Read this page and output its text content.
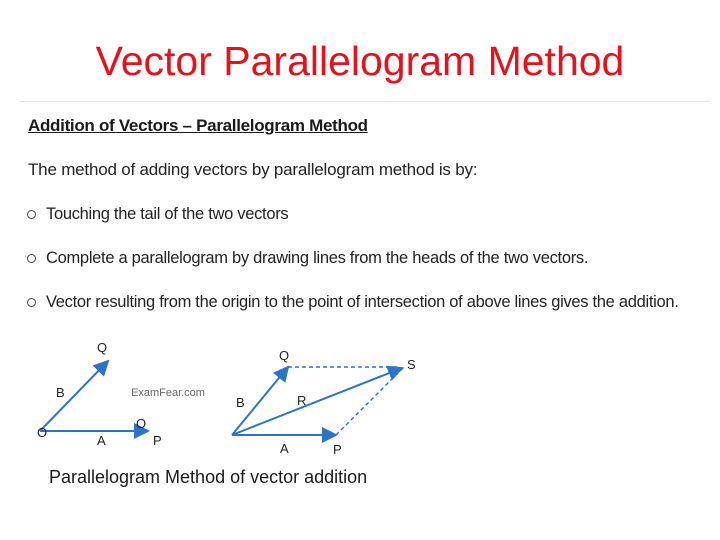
Vector Parallelogram Method
Addition of Vectors – Parallelogram Method
The method of adding vectors by parallelogram method is by:
Touching the tail of the two vectors
Complete a parallelogram by drawing lines from the heads of the two vectors.
Vector resulting from the origin to the point of intersection of above lines gives the addition.
Q
B
O
A
O
P
ExamFear.com
Q
S
B	R
A	P
Parallelogram Method of vector addition
